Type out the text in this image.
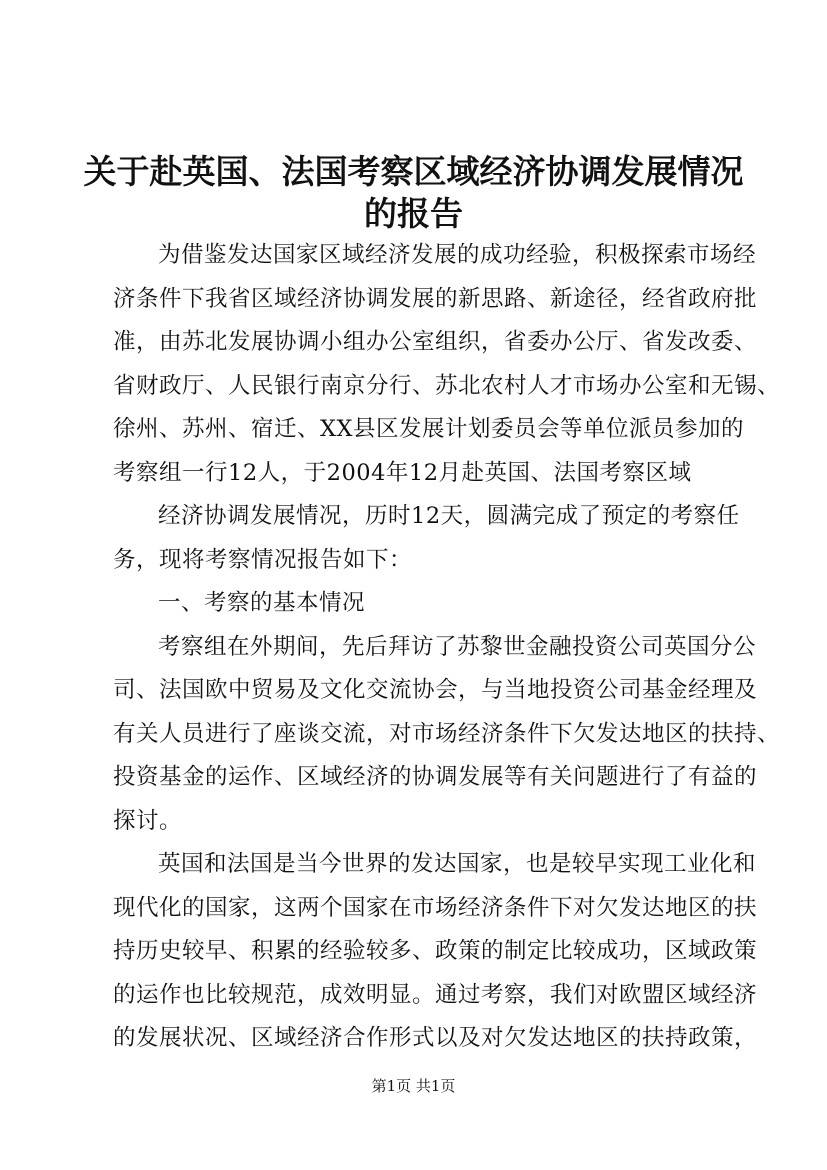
关于赴英国、法国考察区域经济协调发展情况
的报告
为借鉴发达国家区域经济发展的成功经验，积极探索市场经
济条件下我省区域经济协调发展的新思路、新途径，经省政府批
准，由苏北发展协调小组办公室组织，省委办公厅、省发改委、
省财政厅、人民银行南京分行、苏北农村人才市场办公室和无锡、
徐州、苏州、宿迁、XX县区发展计划委员会等单位派员参加的
考察组一行12人，于2004年12月赴英国、法国考察区域
经济协调发展情况，历时12天，圆满完成了预定的考察任
务，现将考察情况报告如下：
一、考察的基本情况
考察组在外期间，先后拜访了苏黎世金融投资公司英国分公
司、法国欧中贸易及文化交流协会，与当地投资公司基金经理及
有关人员进行了座谈交流，对市场经济条件下欠发达地区的扶持、
投资基金的运作、区域经济的协调发展等有关问题进行了有益的
探讨。
英国和法国是当今世界的发达国家，也是较早实现工业化和
现代化的国家，这两个国家在市场经济条件下对欠发达地区的扶
持历史较早、积累的经验较多、政策的制定比较成功，区域政策
的运作也比较规范，成效明显。通过考察，我们对欧盟区域经济
的发展状况、区域经济合作形式以及对欠发达地区的扶持政策，
第1页 共1页
